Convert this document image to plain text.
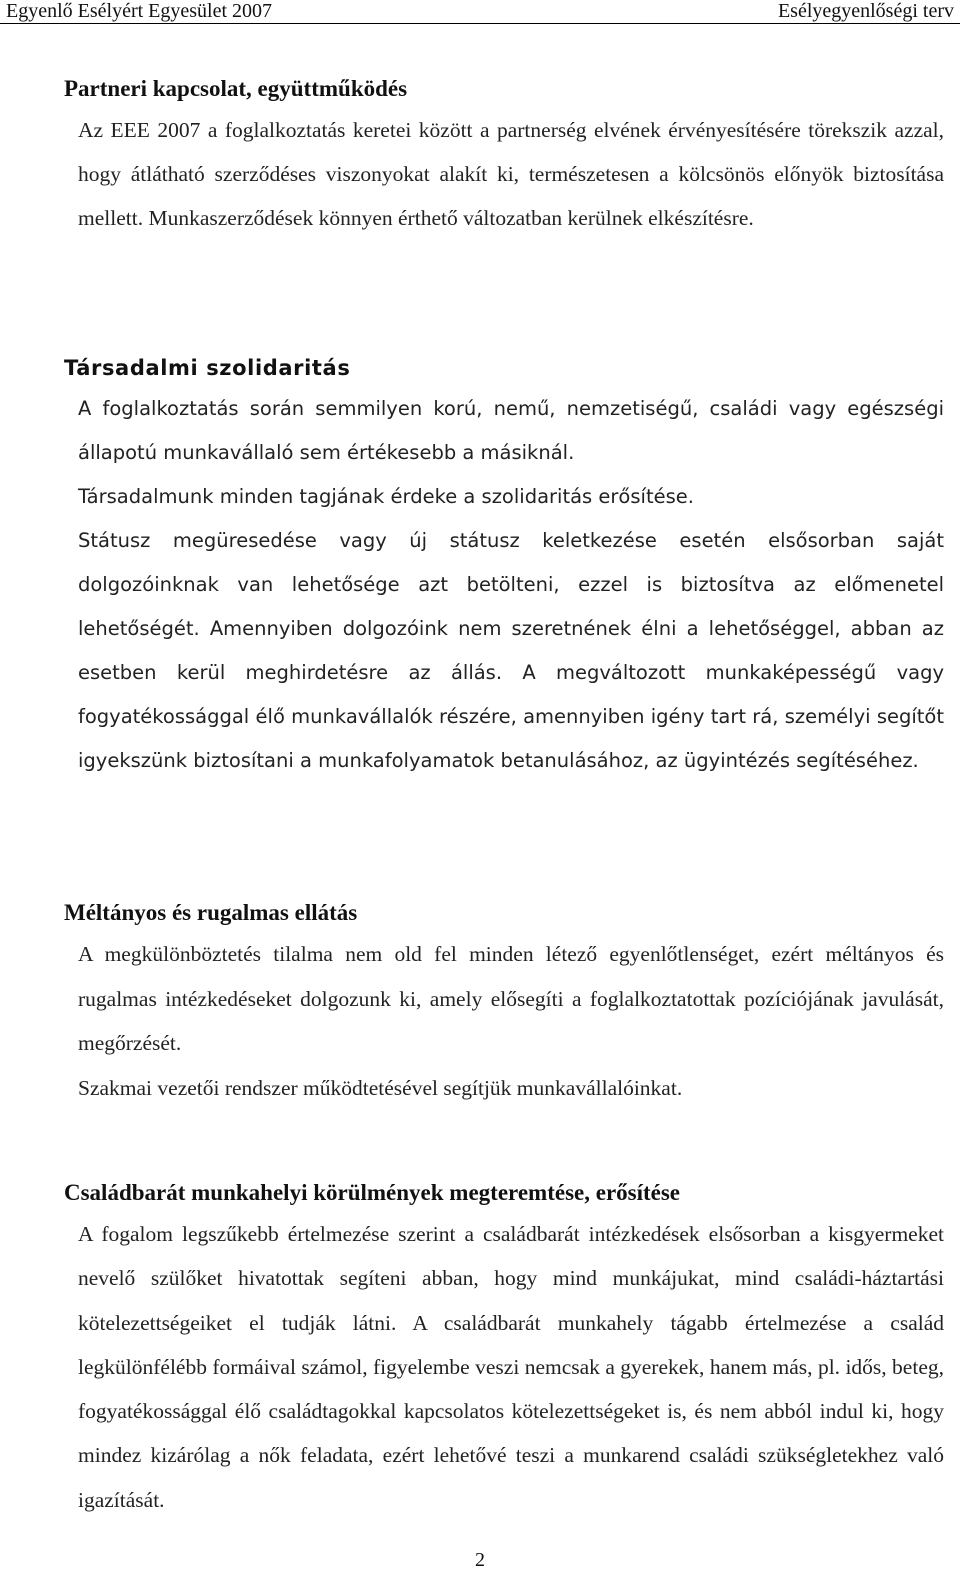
Egyenlő Esélyért Egyesület 2007	Esélyegyenlőségi terv
Partneri kapcsolat, együttműködés

Az EEE 2007 a foglalkoztatás keretei között a partnerség elvének érvényesítésére törekszik azzal, hogy átlátható szerződéses viszonyokat alakít ki, természetesen a kölcsönös előnyök biztosítása mellett. Munkaszerződések könnyen érthető változatban kerülnek elkészítésre.

Társadalmi szolidaritás

A foglalkoztatás során semmilyen korú, nemű, nemzetiségű, családi vagy egészségi állapotú munkavállaló sem értékesebb a másiknál.

Társadalmunk minden tagjának érdeke a szolidaritás erősítése.

Státusz megüresedése vagy új státusz keletkezése esetén elsősorban saját dolgozóinknak van lehetősége azt betölteni, ezzel is biztosítva az előmenetel lehetőségét. Amennyiben dolgozóink nem szeretnének élni a lehetőséggel, abban az esetben kerül meghirdetésre az állás. A megváltozott munkaképességű vagy fogyatékossággal élő munkavállalók részére, amennyiben igény tart rá, személyi segítőt igyekszünk biztosítani a munkafolyamatok betanulásához, az ügyintézés segítéséhez.

Méltányos és rugalmas ellátás

A megkülönböztetés tilalma nem old fel minden létező egyenlőtlenséget, ezért méltányos és rugalmas intézkedéseket dolgozunk ki, amely elősegíti a foglalkoztatottak pozíciójának javulását, megőrzését.

Szakmai vezetői rendszer működtetésével segítjük munkavállalóinkat.

Családbarát munkahelyi körülmények megteremtése, erősítése

A fogalom legszűkebb értelmezése szerint a családbarát intézkedések elsősorban a kisgyermeket nevelő szülőket hivatottak segíteni abban, hogy mind munkájukat, mind családi-háztartási kötelezettségeiket el tudják látni. A családbarát munkahely tágabb értelmezése a család legkülönfélébb formáival számol, figyelembe veszi nemcsak a gyerekek, hanem más, pl. idős, beteg, fogyatékossággal élő családtagokkal kapcsolatos kötelezettségeket is, és nem abból indul ki, hogy mindez kizárólag a nők feladata, ezért lehetővé teszi a munkarend családi szükségletekhez való igazítását.

2
